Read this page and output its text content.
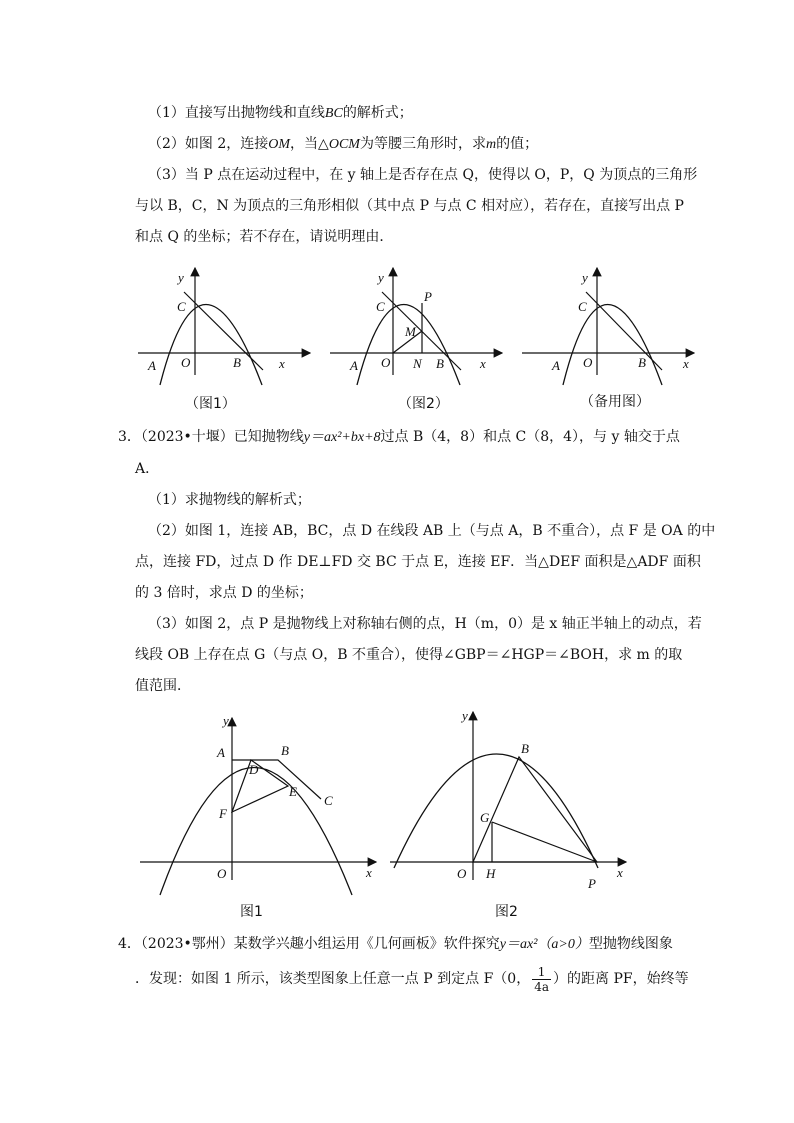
（1）直接写出抛物线和直线BC的解析式；
（2）如图 2，连接OM，当△OCM为等腰三角形时，求m的值；
（3）当 P 点在运动过程中，在 y 轴上是否存在点 Q，使得以 O，P，Q 为顶点的三角形
与以 B，C，N 为顶点的三角形相似（其中点 P 与点 C 相对应），若存在，直接写出点 P
和点 Q 的坐标；若不存在，请说明理由．
y
x
A O	B
C
（图1）
y
x
A O N B
C
P
M
（图2）
y
x
A O	B
C
（备用图）
3．（2023•十堰）已知抛物线y＝ax²+bx+8过点 B（4，8）和点 C（8，4），与 y 轴交于点
A．
（1）求抛物线的解析式；
（2）如图 1，连接 AB，BC，点 D 在线段 AB 上（与点 A，B 不重合），点 F 是 OA 的中
点，连接 FD，过点 D 作 DE⊥FD 交 BC 于点 E，连接 EF．当△DEF 面积是△ADF 面积
的 3 倍时，求点 D 的坐标；
（3）如图 2，点 P 是抛物线上对称轴右侧的点，H（m，0）是 x 轴正半轴上的动点，若
线段 OB 上存在点 G（与点 O，B 不重合），使得∠GBP＝∠HGP＝∠BOH，求 m 的取
值范围．
y
x
A	B
D
E
C
F
O
图1
y
x
B
G
O H
P
图2
4．（2023•鄂州）某数学兴趣小组运用《几何画板》软件探究y＝ax²（a>0）型抛物线图象
．发现：如图 1 所示，该类型图象上任意一点 P 到定点 F（0， $\frac{1}{4a}$ ）的距离 PF，始终等
